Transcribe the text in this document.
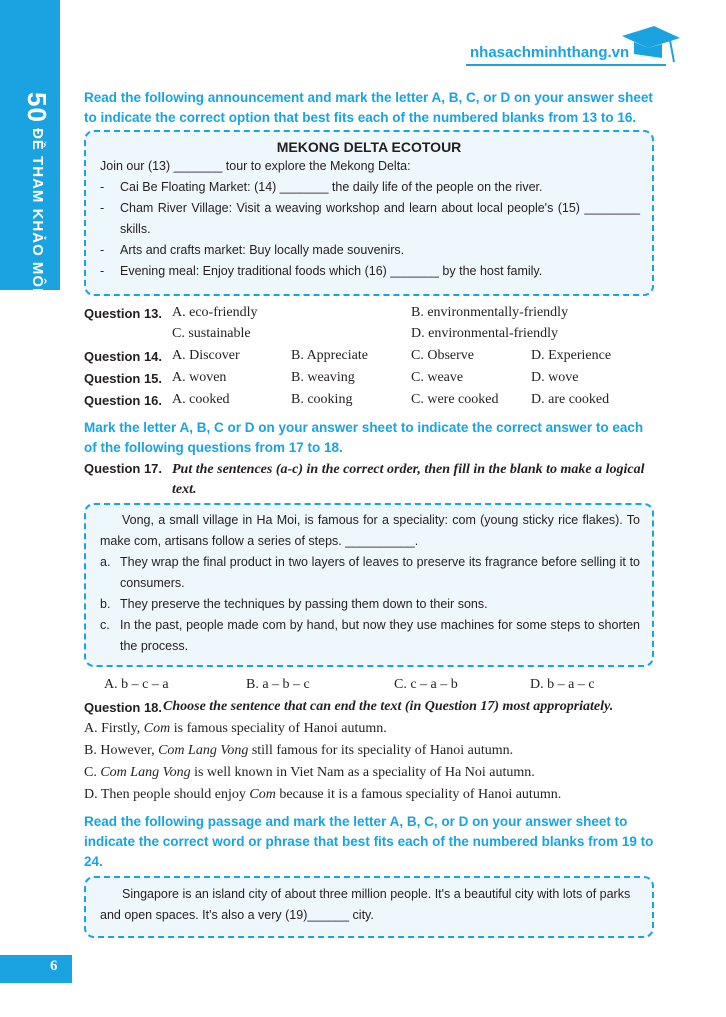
50 ĐỀ THAM KHẢO MÔN TIẾNG ANH
nhasachminhthang.vn
Read the following announcement and mark the letter A, B, C, or D on your answer sheet to indicate the correct option that best fits each of the numbered blanks from 13 to 16.
MEKONG DELTA ECOTOUR
Join our (13) _______ tour to explore the Mekong Delta:
-	Cai Be Floating Market: (14) _______ the daily life of the people on the river.
-	Cham River Village: Visit a weaving workshop and learn about local people's (15) ________ skills.
-	Arts and crafts market: Buy locally made souvenirs.
-	Evening meal: Enjoy traditional foods which (16) _______ by the host family.
Question 13. A. eco-friendly	B. environmentally-friendly
C. sustainable	D. environmental-friendly
Question 14. A. Discover	B. Appreciate	C. Observe	D. Experience
Question 15. A. woven	B. weaving	C. weave	D. wove
Question 16. A. cooked	B. cooking	C. were cooked D. are cooked
Mark the letter A, B, C or D on your answer sheet to indicate the correct answer to each of the following questions from 17 to 18.
Question 17. Put the sentences (a-c) in the correct order, then fill in the blank to make a logical text.
Vong, a small village in Ha Moi, is famous for a speciality: com (young sticky rice flakes). To make com, artisans follow a series of steps. __________.
a. They wrap the final product in two layers of leaves to preserve its fragrance before selling it to consumers.
b. They preserve the techniques by passing them down to their sons.
c. In the past, people made com by hand, but now they use machines for some steps to shorten the process.
A. b – c – a	B. a – b – c	C. c – a – b	D. b – a – c
Question 18. Choose the sentence that can end the text (in Question 17) most appropriately.
A. Firstly, Com is famous speciality of Hanoi autumn.
B. However, Com Lang Vong still famous for its speciality of Hanoi autumn.
C. Com Lang Vong is well known in Viet Nam as a speciality of Ha Noi autumn.
D. Then people should enjoy Com because it is a famous speciality of Hanoi autumn.
Read the following passage and mark the letter A, B, C, or D on your answer sheet to indicate the correct word or phrase that best fits each of the numbered blanks from 19 to 24.
Singapore is an island city of about three million people. It's a beautiful city with lots of parks and open spaces. It's also a very (19)______ city.
6
